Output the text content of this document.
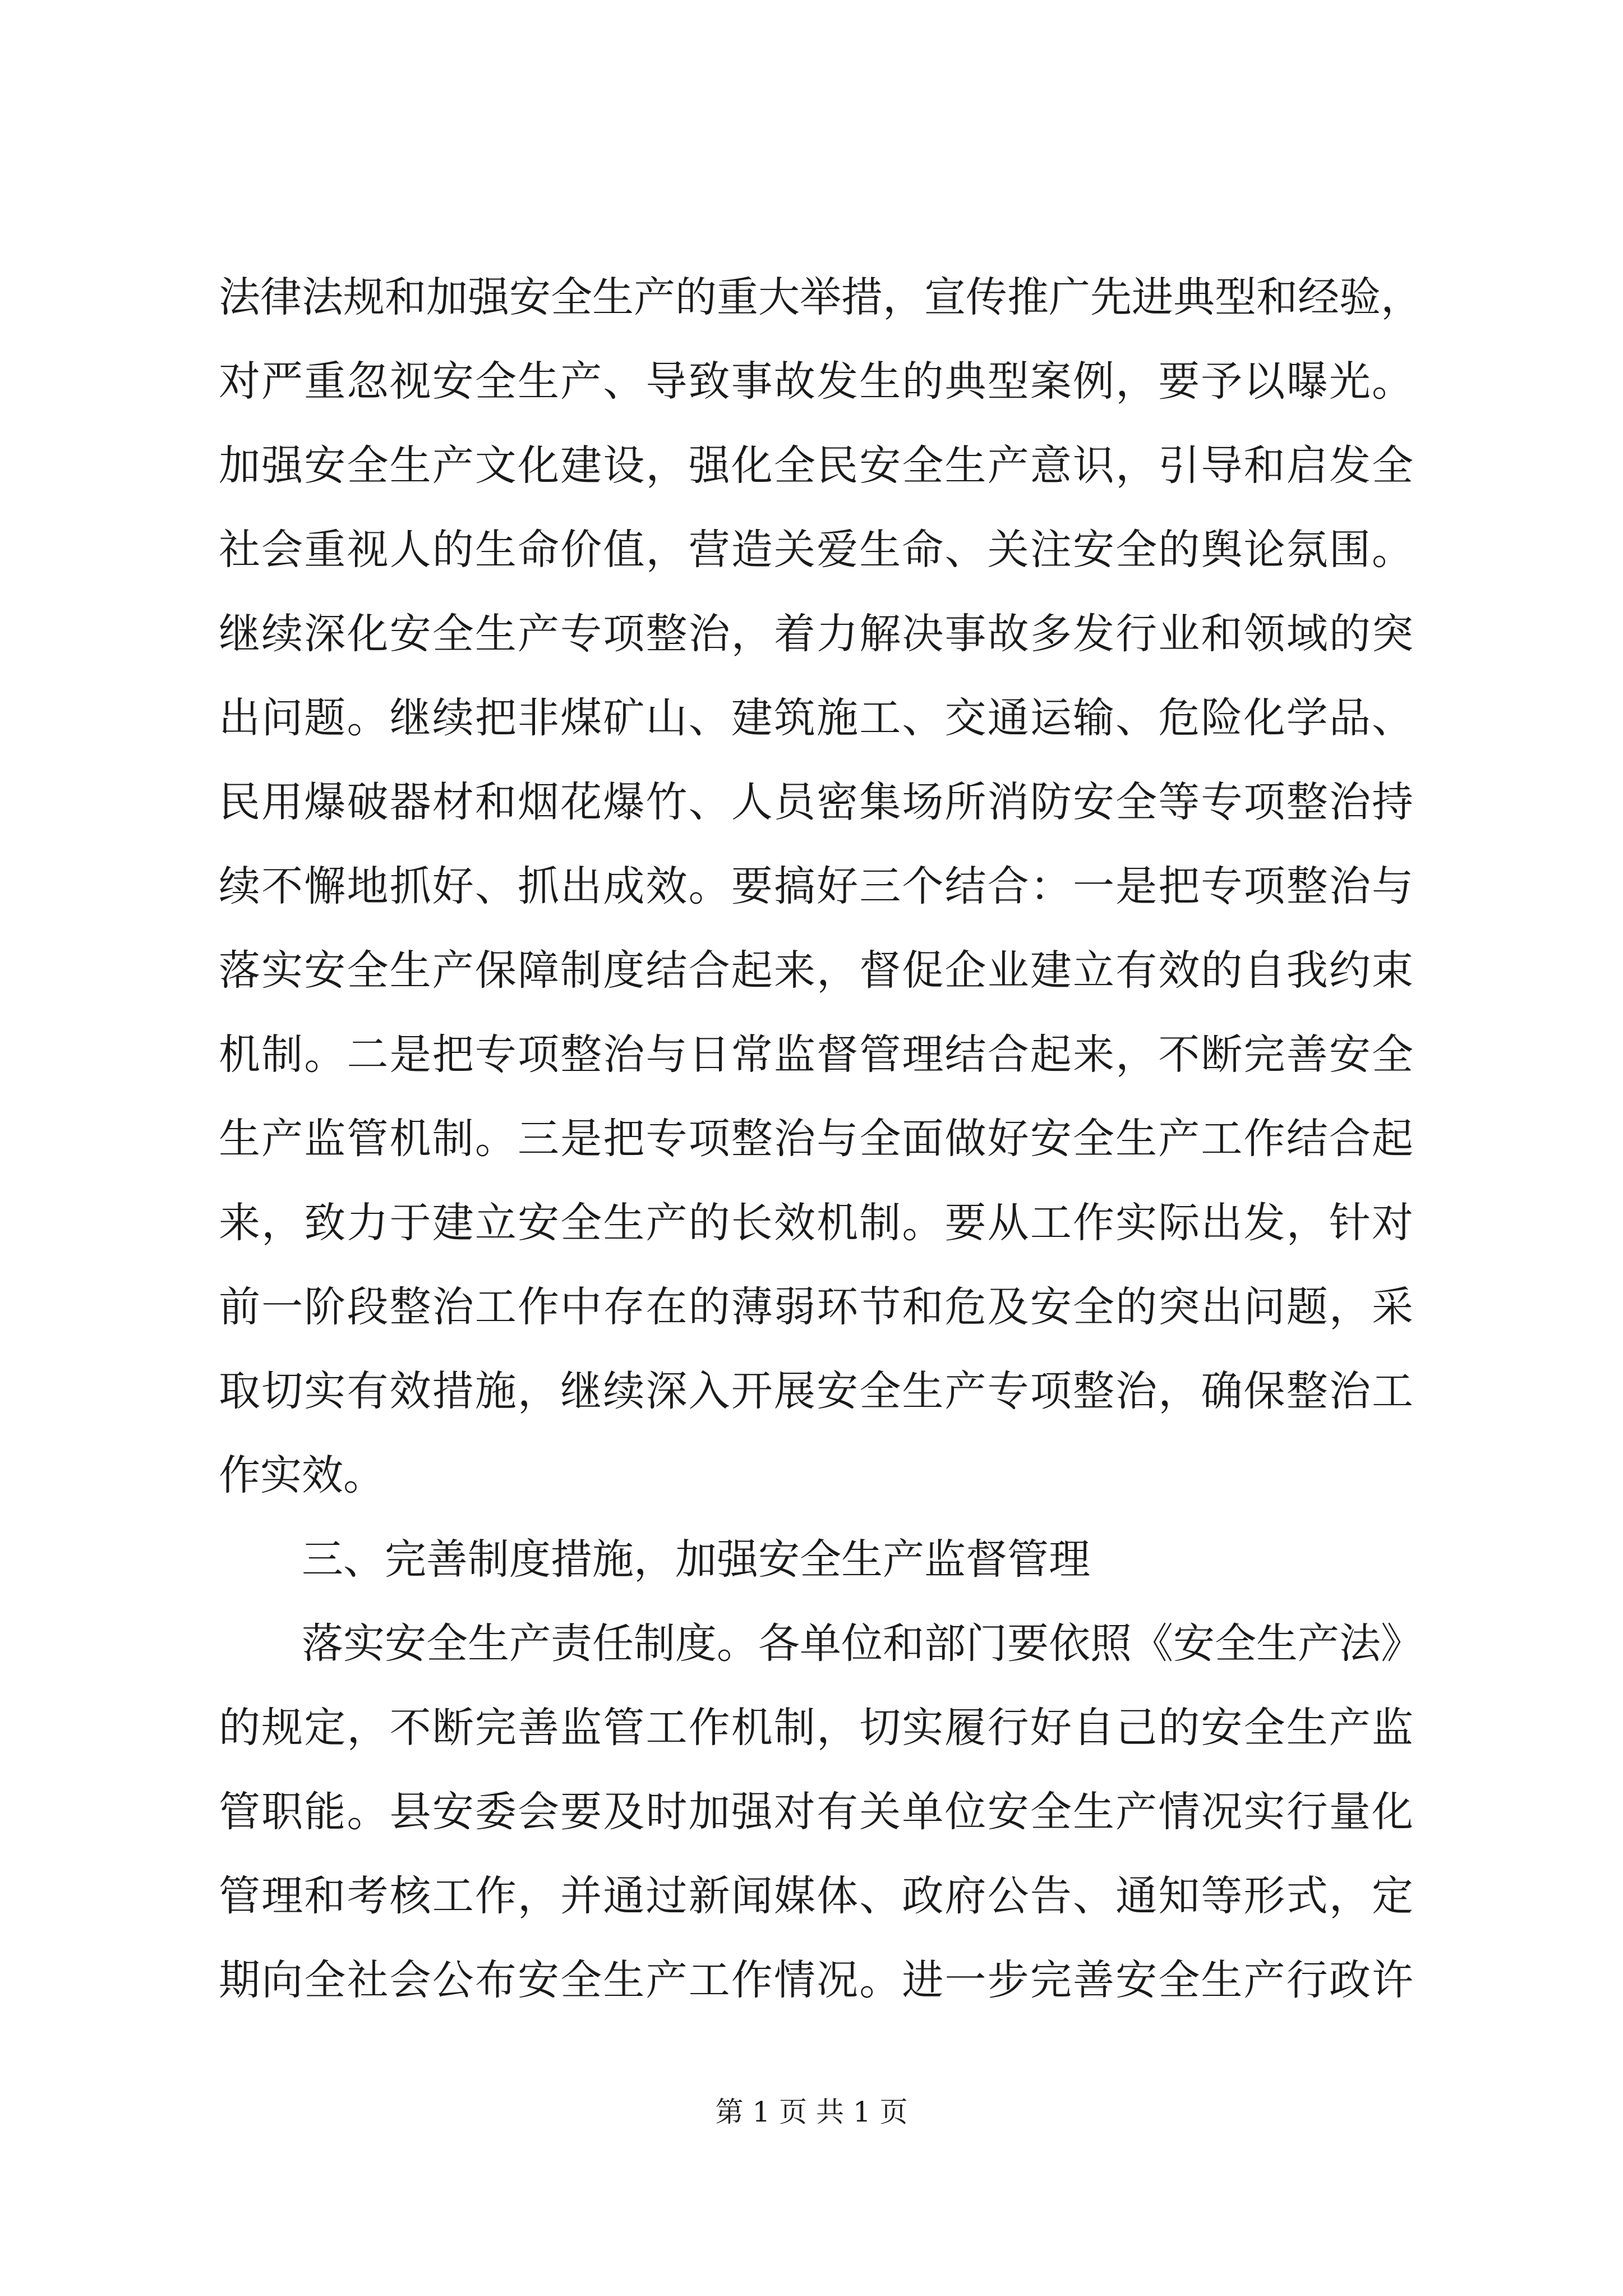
法律法规和加强安全生产的重大举措，宣传推广先进典型和经验，
对严重忽视安全生产、导致事故发生的典型案例，要予以曝光。
加强安全生产文化建设，强化全民安全生产意识，引导和启发全
社会重视人的生命价值，营造关爱生命、关注安全的舆论氛围。
继续深化安全生产专项整治，着力解决事故多发行业和领域的突
出问题。继续把非煤矿山、建筑施工、交通运输、危险化学品、
民用爆破器材和烟花爆竹、人员密集场所消防安全等专项整治持
续不懈地抓好、抓出成效。要搞好三个结合：一是把专项整治与
落实安全生产保障制度结合起来，督促企业建立有效的自我约束
机制。二是把专项整治与日常监督管理结合起来，不断完善安全
生产监管机制。三是把专项整治与全面做好安全生产工作结合起
来，致力于建立安全生产的长效机制。要从工作实际出发，针对
前一阶段整治工作中存在的薄弱环节和危及安全的突出问题，采
取切实有效措施，继续深入开展安全生产专项整治，确保整治工
作实效。
三、完善制度措施，加强安全生产监督管理
落实安全生产责任制度。各单位和部门要依照《安全生产法》
的规定，不断完善监管工作机制，切实履行好自己的安全生产监
管职能。县安委会要及时加强对有关单位安全生产情况实行量化
管理和考核工作，并通过新闻媒体、政府公告、通知等形式，定
期向全社会公布安全生产工作情况。进一步完善安全生产行政许
第 1 页 共 1 页
